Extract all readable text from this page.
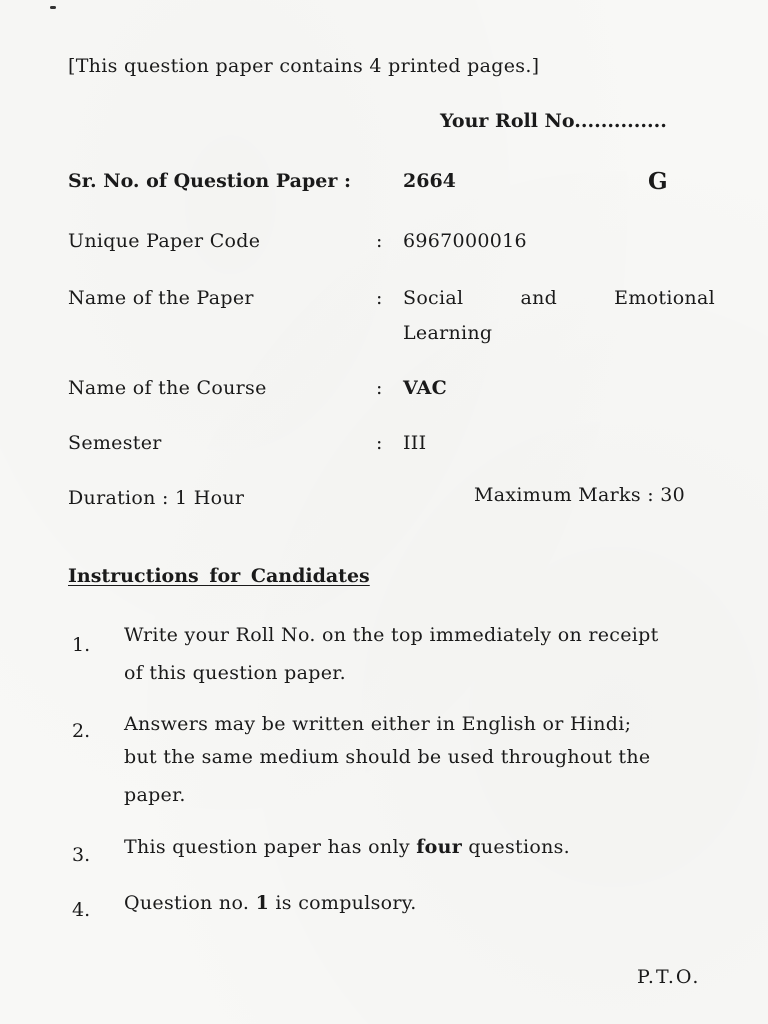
[This question paper contains 4 printed pages.]
Your Roll No..............
Sr. No. of Question Paper :	2664	G
Unique Paper Code	: 6967000016
Name of the Paper	: Social	and	Emotional
Learning
Name of the Course	: VAC
Semester	: III
Duration : 1 Hour	Maximum Marks : 30
Instructions for Candidates
1. Write your Roll No. on the top immediately on receipt
of this question paper.
2. Answers may be written either in English or Hindi;
but the same medium should be used throughout the
paper.
3. This question paper has only four questions.
4. Question no. 1 is compulsory.
P.T.O.
